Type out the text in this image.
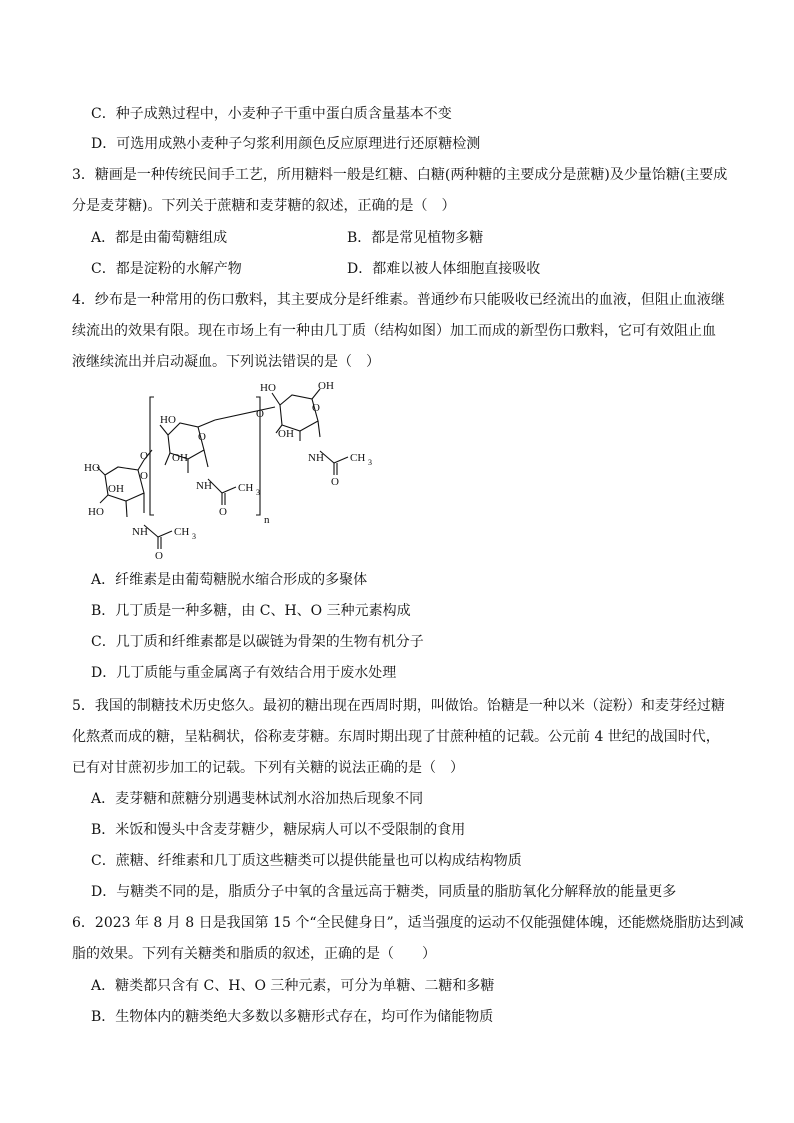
C．种子成熟过程中，小麦种子干重中蛋白质含量基本不变
D．可选用成熟小麦种子匀浆利用颜色反应原理进行还原糖检测
3．糖画是一种传统民间手工艺，所用糖料一般是红糖、白糖(两种糖的主要成分是蔗糖)及少量饴糖(主要成
分是麦芽糖)。下列关于蔗糖和麦芽糖的叙述，正确的是（　）
A．都是由葡萄糖组成	B．都是常见植物多糖
C．都是淀粉的水解产物	D．都难以被人体细胞直接吸收
4．纱布是一种常用的伤口敷料，其主要成分是纤维素。普通纱布只能吸收已经流出的血液，但阻止血液继
续流出的效果有限。现在市场上有一种由几丁质（结构如图）加工而成的新型伤口敷料，它可有效阻止血
液继续流出并启动凝血。下列说法错误的是（　）
HO
OH
O
HO
O
HO
O
OH
OH
O
HO
OH
O
NH
NH
NH
O
O
O
CH 3
CH 3
CH 3
n
A．纤维素是由葡萄糖脱水缩合形成的多聚体
B．几丁质是一种多糖，由 C、H、O 三种元素构成
C．几丁质和纤维素都是以碳链为骨架的生物有机分子
D．几丁质能与重金属离子有效结合用于废水处理
5．我国的制糖技术历史悠久。最初的糖出现在西周时期，叫做饴。饴糖是一种以米（淀粉）和麦芽经过糖
化熬煮而成的糖，呈粘稠状，俗称麦芽糖。东周时期出现了甘蔗种植的记载。公元前 4 世纪的战国时代，
已有对甘蔗初步加工的记载。下列有关糖的说法正确的是（　）
A．麦芽糖和蔗糖分别遇斐林试剂水浴加热后现象不同
B．米饭和馒头中含麦芽糖少，糖尿病人可以不受限制的食用
C．蔗糖、纤维素和几丁质这些糖类可以提供能量也可以构成结构物质
D．与糖类不同的是，脂质分子中氧的含量远高于糖类，同质量的脂肪氧化分解释放的能量更多
6．2023 年 8 月 8 日是我国第 15 个“全民健身日”，适当强度的运动不仅能强健体魄，还能燃烧脂肪达到减
脂的效果。下列有关糖类和脂质的叙述，正确的是（　　）
A．糖类都只含有 C、H、O 三种元素，可分为单糖、二糖和多糖
B．生物体内的糖类绝大多数以多糖形式存在，均可作为储能物质
